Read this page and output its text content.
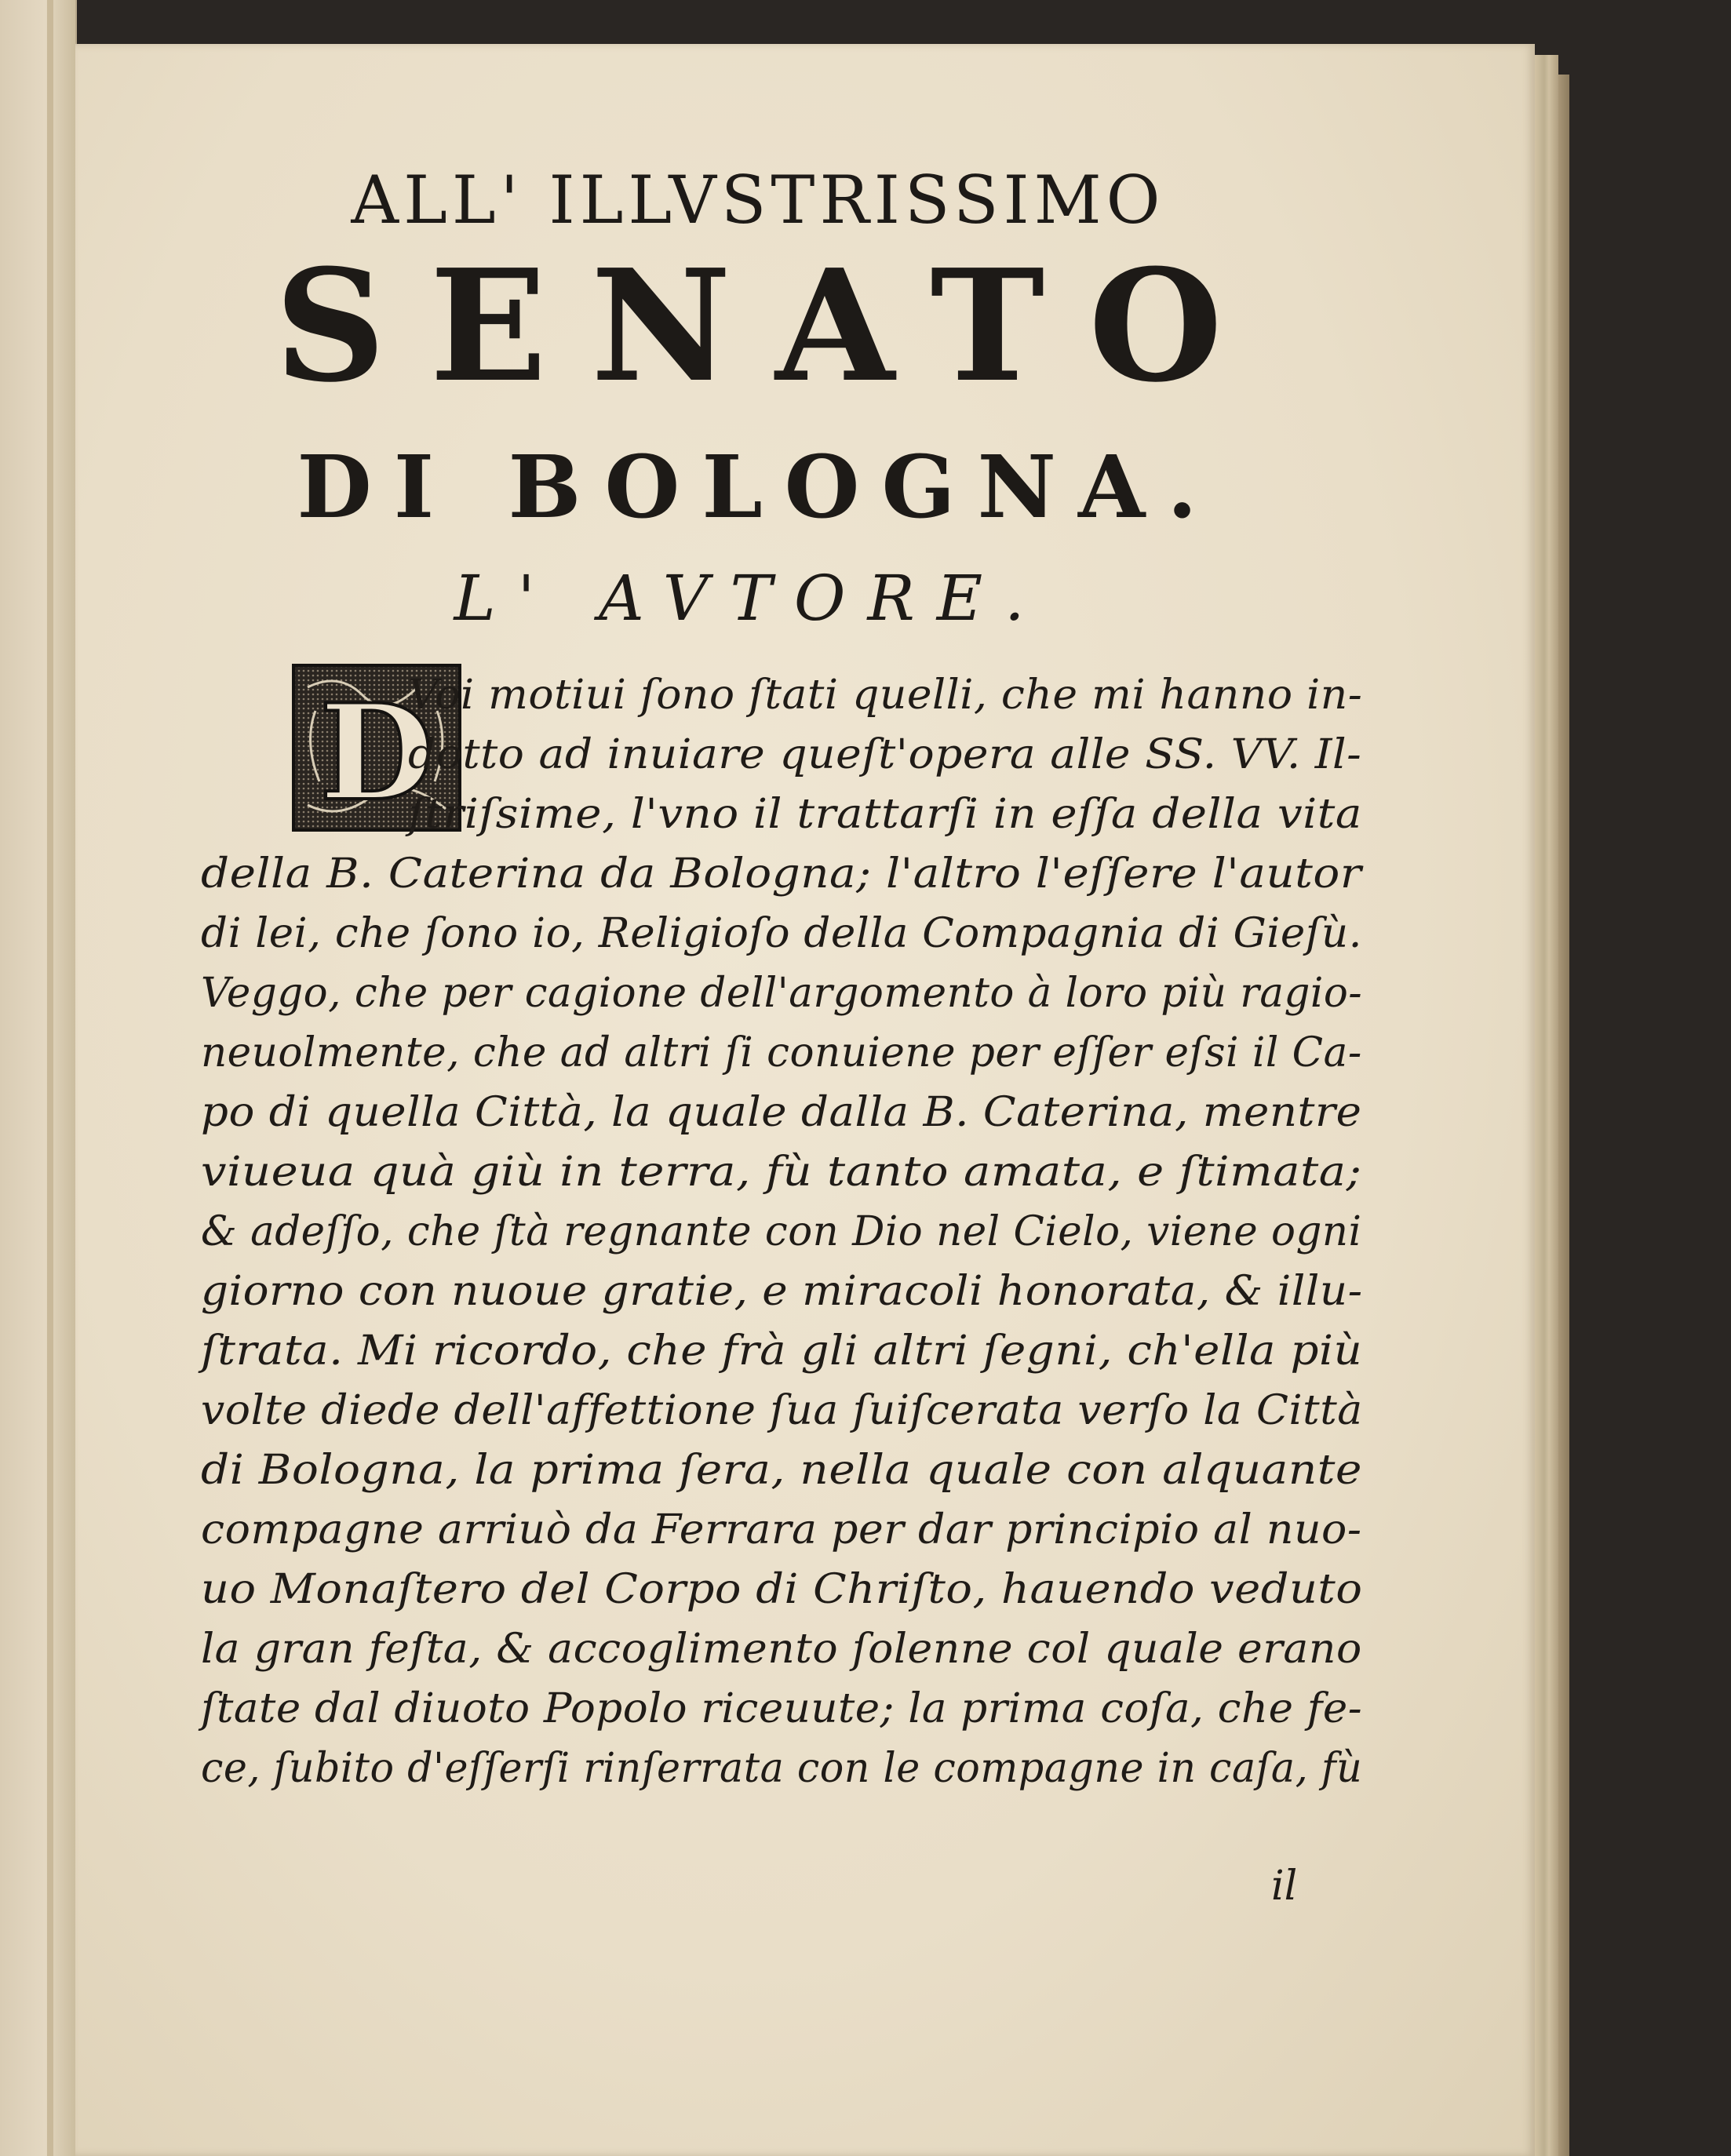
ALL' ILLVSTRISSIMO
SENATO
DI BOLOGNA.
L' AVTORE.
D
Voi motiui ſono ſtati quelli, che mi hanno in-
dotto ad inuiare queſt'opera alle SS. VV. Il-
ſtriſsime, l'vno il trattarſi in eſſa della vita
della B. Caterina da Bologna; l'altro l'eſſere l'autor
di lei, che ſono io, Religioſo della Compagnia di Gieſù.
Veggo, che per cagione dell'argomento à loro più ragio-
neuolmente, che ad altri ſi conuiene per eſſer eſsi il Ca-
po di quella Città, la quale dalla B. Caterina, mentre
viueua quà giù in terra, fù tanto amata, e ſtimata;
& adeſſo, che ſtà regnante con Dio nel Cielo, viene ogni
giorno con nuoue gratie, e miracoli honorata, & illu-
ſtrata. Mi ricordo, che frà gli altri ſegni, ch'ella più
volte diede dell'affettione ſua ſuiſcerata verſo la Città
di Bologna, la prima ſera, nella quale con alquante
compagne arriuò da Ferrara per dar principio al nuo-
uo Monaſtero del Corpo di Chriſto, hauendo veduto
la gran feſta, & accoglimento ſolenne col quale erano
ſtate dal diuoto Popolo riceuute; la prima coſa, che fe-
ce, ſubito d'eſſerſi rinſerrata con le compagne in caſa, fù
il
